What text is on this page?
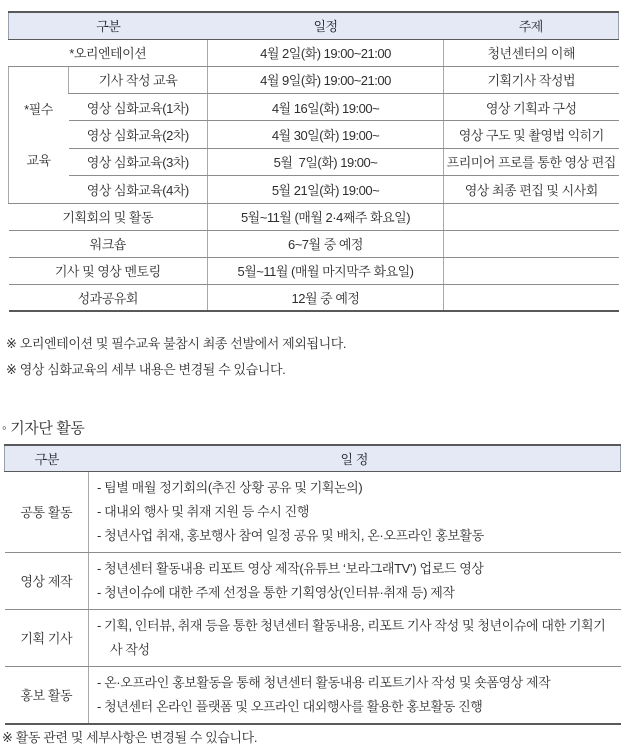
구분		일정	주제
*오리엔테이션		4월 2일(화) 19:00~21:00	청년센터의 이해

*필수

교육	기사 작성 교육	4월 9일(화) 19:00~21:00	기획기사 작성법
	영상 심화교육(1차)	4월 16일(화) 19:00~	영상 기획과 구성
	영상 심화교육(2차)	4월 30일(화) 19:00~	영상 구도 및 촬영법 익히기
	영상 심화교육(3차)	5월  7일(화) 19:00~	프리미어 프로를 통한 영상 편집
	영상 심화교육(4차)	5월 21일(화) 19:00~	영상 최종 편집 및 시사회
기획회의 및 활동		5월~11월 (매월 2·4째주 화요일)	
워크숍		6~7월 중 예정	
기사 및 영상 멘토링		5월~11월 (매월 마지막주 화요일)	
성과공유회		12월 중 예정	
※ 오리엔테이션 및 필수교육 불참시 최종 선발에서 제외됩니다.
※ 영상 심화교육의 세부 내용은 변경될 수 있습니다.
◦ 기자단 활동
구분	일 정
공통 활동	- 팀별 매월 정기회의(추진 상황 공유 및 기획논의)
- 대내외 행사 및 취재 지원 등 수시 진행
- 청년사업 취재, 홍보행사 참여 일정 공유 및 배치, 온·오프라인 홍보활동

영상 제작	- 청년센터 활동내용 리포트 영상 제작(유튜브 ‘보라그래TV’) 업로드 영상
- 청년이슈에 대한 주제 선정을 통한 기획영상(인터뷰·취재 등) 제작

기획 기사	- 기획, 인터뷰, 취재 등을 통한 청년센터 활동내용, 리포트 기사 작성 및 청년이슈에 대한 기획기사 작성

홍보 활동	- 온·오프라인 홍보활동을 통해 청년센터 활동내용 리포트기사 작성 및 숏폼영상 제작
- 청년센터 온라인 플랫폼 및 오프라인 대외행사를 활용한 홍보활동 진행
※ 활동 관련 및 세부사항은 변경될 수 있습니다.
